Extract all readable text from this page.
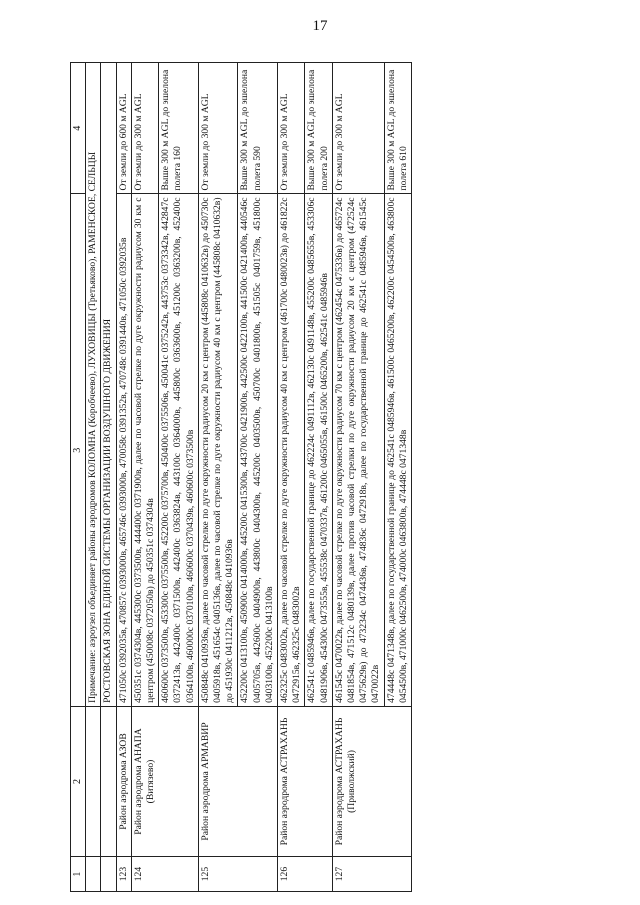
17
1	2	3	4
		Примечание: аэроузел объединяет районы аэродромов КОЛОМНА (Коробчеево), ЛУХОВИЦЫ (Третьяково), РАМЕНСКОЕ, СЕЛЬЦЫ	
		РОСТОВСКАЯ ЗОНА ЕДИНОЙ СИСТЕМЫ ОРГАНИЗАЦИИ ВОЗДУШНОГО ДВИЖЕНИЯ	
123	Район аэродрома АЗОВ	471050с 0392035в, 470857с 0393000в, 465746с 0393000в, 470058с 0391352в, 470748с 0391440в, 471050с 0392035в	От земли до 600 м AGL
124	Район аэродрома АНАПА (Витязево)	450351с 0374304в, 445300с 0373500в, 444400с 0371900в, далее по часовой стрелке по дуге окружности радиусом 30 км с центром (450008с 0372050в) до 450351с 0374304в	От земли до 300 м AGL
		460600с 0373500в, 453300с 0375500в, 452200с 0375700в, 450400с 0375506в, 450041с 0375242в, 443753с 0373342в, 442847с 0372413в, 442400с 0371500в, 442400с 0363824в, 443100с 0364000в, 445800с 0363600в, 451200с 0363200в, 452400с 0364100в, 460000с 0370100в, 460600с 0370439в, 460600с 0373500в	Выше 300 м AGL до эшелона полета 160
125	Район аэродрома АРМАВИР	450848с 0410936в, далее по часовой стрелке по дуге окружности радиусом 20 км с центром (445808с 0410632в) до 450730с 0405918в, 451654с 0405136в, далее по часовой стрелке по дуге окружности радиусом 40 км с центром (445808с 0410632в) до 451930с 0411212в, 450848с 0410936в	От земли до 300 м AGL
		452200с 0413100в, 450900с 0414000в, 445200с 0415300в, 443700с 0421900в, 442500с 0422100в, 441500с 0421400в, 440546с 0405705в, 442600с 0404900в, 443800с 0404300в, 445200с 0403500в, 450700с 0401800в, 451505с 0401759в, 451800с 0403100в, 452200с 0413100в	Выше 300 м AGL до эшелона полета 590
126	Район аэродрома АСТРАХАНЬ	462325с 0483002в, далее по часовой стрелке по дуге окружности радиусом 40 км с центром (461700с 0480023в) до 461822с 0472915в, 462325с 0483002в	От земли до 300 м AGL
		462541с 0485946в, далее по государственной границе до 462224с 0491112в, 462130с 0491148в, 455200с 0485655в, 453306с 0481906в, 454300с 0473555в, 455538с 0470337в, 461200с 0465055в, 461500с 0465200в, 462541с 0485946в	Выше 300 м AGL до эшелона полета 200
127	Район аэродрома АСТРАХАНЬ (Приволжский)	461545с 0470022в, далее по часовой стрелке по дуге окружности радиусом 70 км с центром (462454с 0475336в) до 465724с 0481854в, 471512с 0480139в, далее против часовой стрелки по дуге окружности радиусом 20 км с центром (472524с 0475629в) до 473234с 0474436в, 474836с 0472918в, далее по государственной границе до 462541с 0485946в, 461545с 0470022в	От земли до 300 м AGL
		474448с 0471348в, далее по государственной границе до 462541с 0485946в, 461500с 0465200в, 462200с 0454500в, 463800с 0454500в, 471000с 0462500в, 474000с 0463800в, 474448с 0471348в	Выше 300 м AGL до эшелона полета 610
